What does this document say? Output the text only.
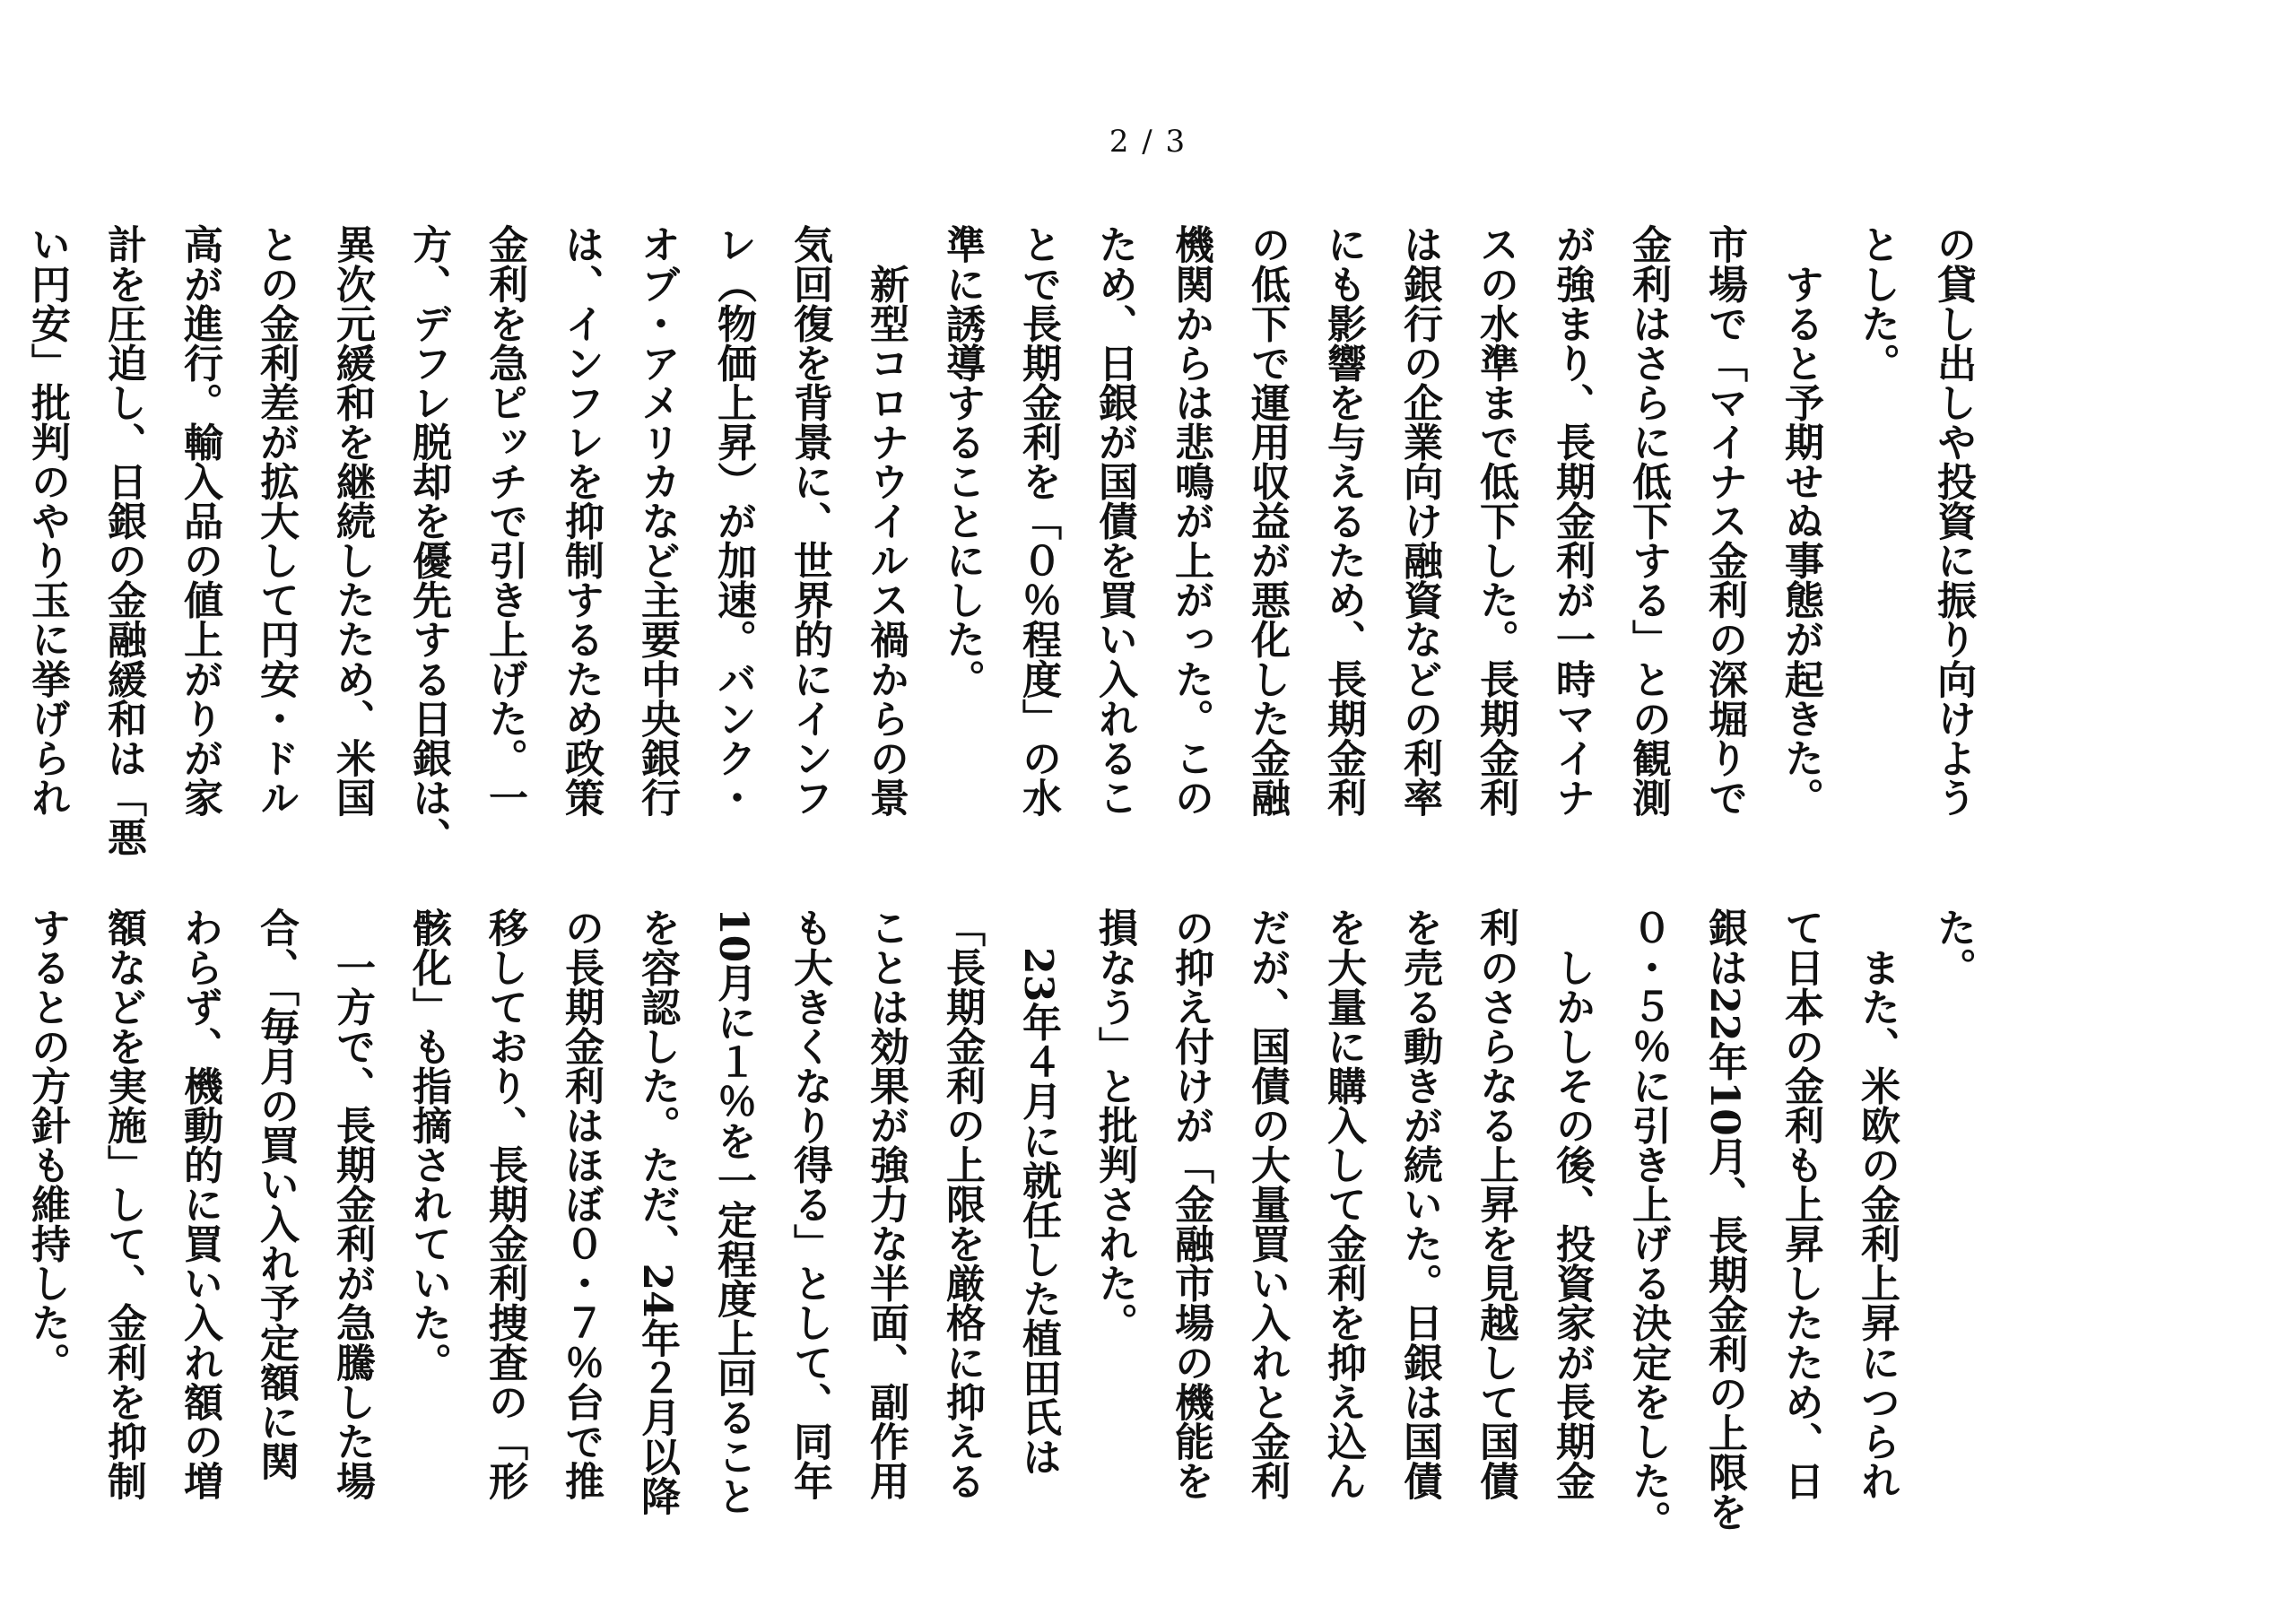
2 / 3
の貸し出しや投資に振り向けよう
とした。
　すると予期せぬ事態が起きた。
市場で「マイナス金利の深堀りで
金利はさらに低下する」との観測
が強まり、長期金利が一時マイナ
スの水準まで低下した。長期金利
は銀行の企業向け融資などの利率
にも影響を与えるため、長期金利
の低下で運用収益が悪化した金融
機関からは悲鳴が上がった。この
ため、日銀が国債を買い入れるこ
とで長期金利を「０％程度」の水
準に誘導することにした。
　新型コロナウイルス禍からの景
気回復を背景に、世界的にインフ
レ（物価上昇）が加速。バンク・
オブ・アメリカなど主要中央銀行
は、インフレを抑制するため政策
金利を急ピッチで引き上げた。一
方、デフレ脱却を優先する日銀は、
異次元緩和を継続したため、米国
との金利差が拡大して円安・ドル
高が進行。輸入品の値上がりが家
計を圧迫し、日銀の金融緩和は「悪
い円安」批判のやり玉に挙げられ
た。
　また、米欧の金利上昇につられ
て日本の金利も上昇したため、日
銀は22年10月、長期金利の上限を
０・５％に引き上げる決定をした。
　しかしその後、投資家が長期金
利のさらなる上昇を見越して国債
を売る動きが続いた。日銀は国債
を大量に購入して金利を抑え込ん
だが、国債の大量買い入れと金利
の抑え付けが「金融市場の機能を
損なう」と批判された。
　23年４月に就任した植田氏は
「長期金利の上限を厳格に抑える
ことは効果が強力な半面、副作用
も大きくなり得る」として、同年
10月に１％を一定程度上回ること
を容認した。ただ、24年２月以降
の長期金利はほぼ０・７％台で推
移しており、長期金利捜査の「形
骸化」も指摘されていた。
　一方で、長期金利が急騰した場
合、「毎月の買い入れ予定額に関
わらず、機動的に買い入れ額の増
額などを実施」して、金利を抑制
するとの方針も維持した。
